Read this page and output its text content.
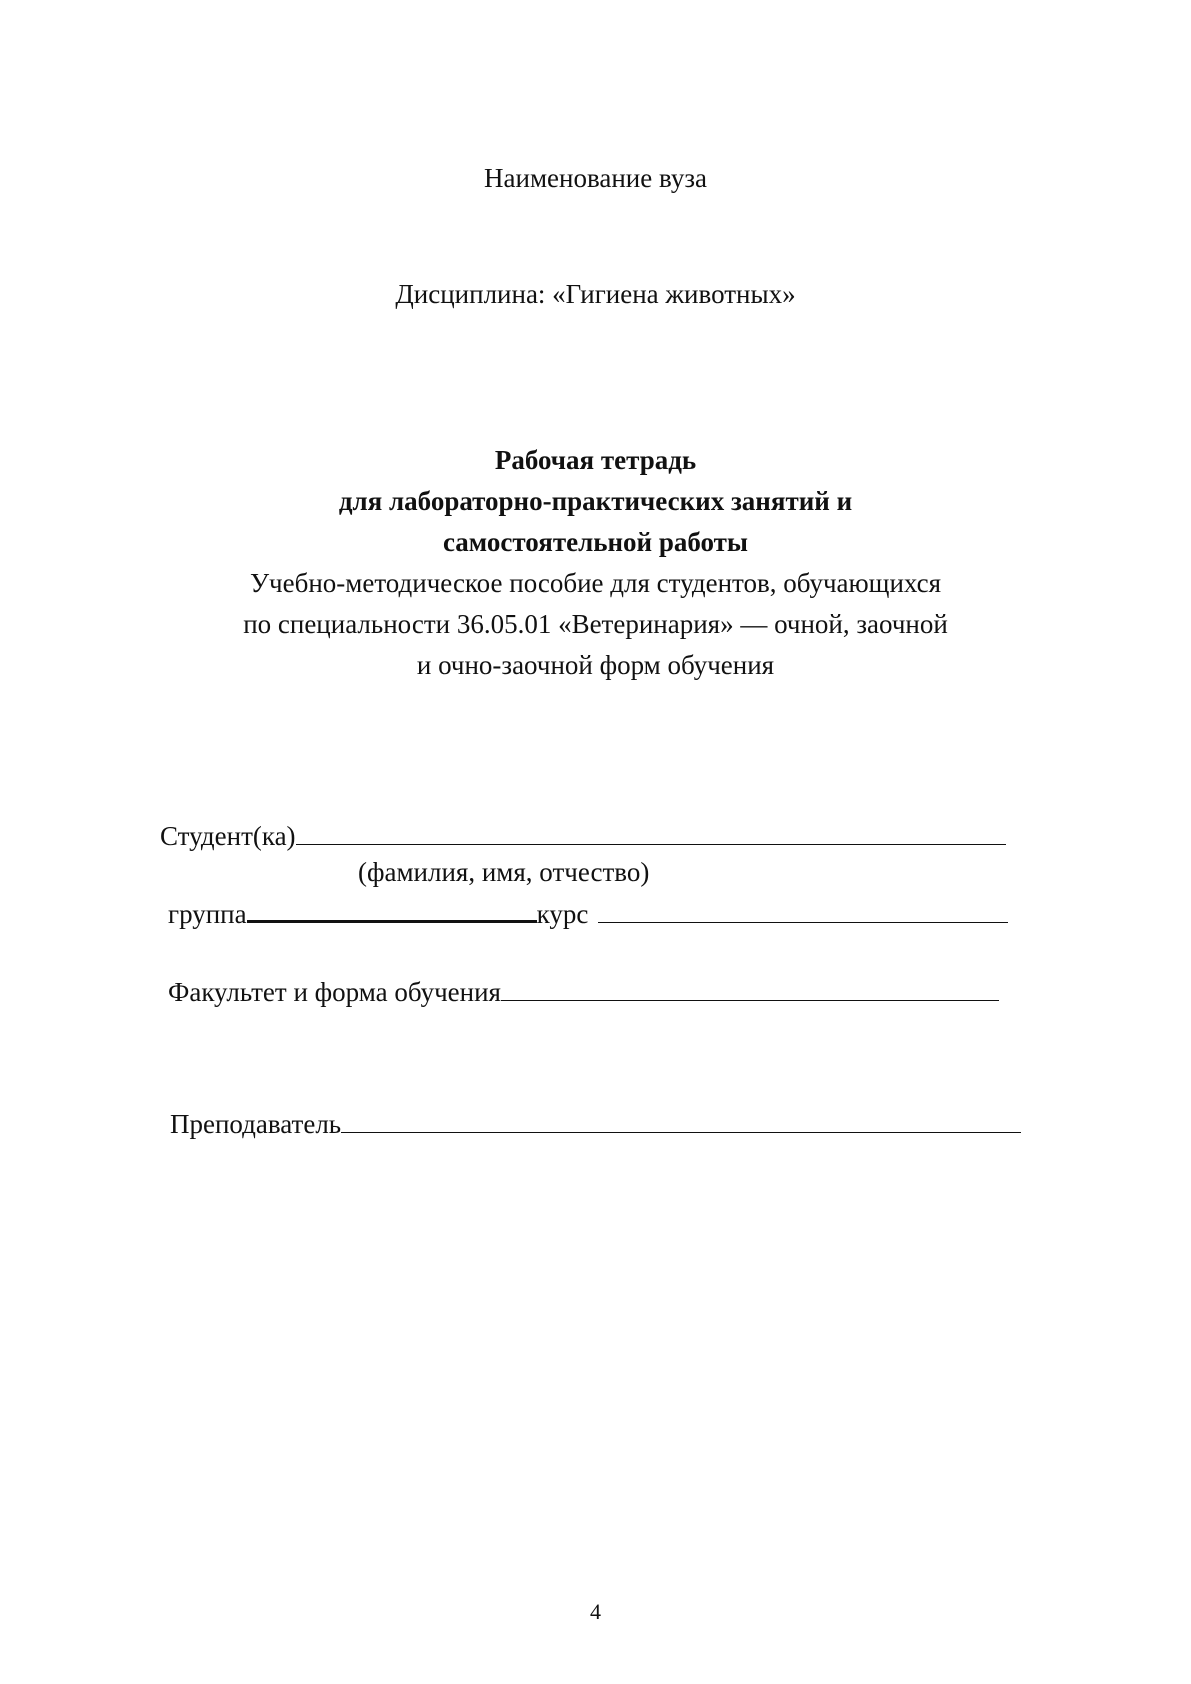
Наименование вуза
Дисциплина: «Гигиена животных»
Рабочая тетрадь
для лабораторно-практических занятий и
самостоятельной работы
Учебно-методическое пособие для студентов, обучающихся
по специальности 36.05.01 «Ветеринария» — очной, заочной
и очно-заочной форм обучения
Студент(ка)
(фамилия, имя, отчество)
группа	курс
Факультет и форма обучения
Преподаватель
4
